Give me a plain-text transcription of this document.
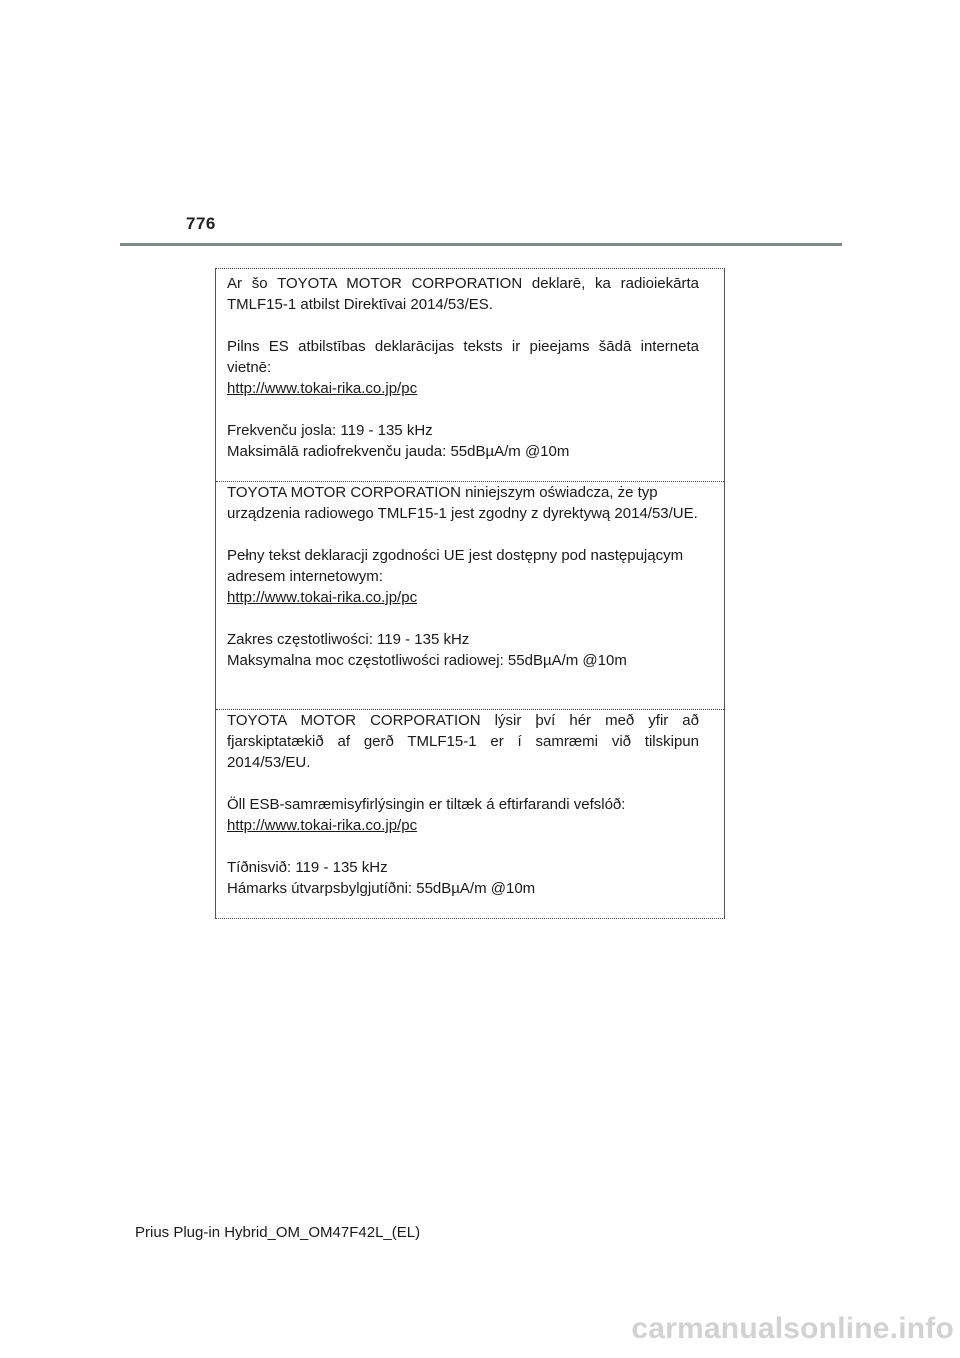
776

Ar šo TOYOTA MOTOR CORPORATION deklarē, ka radioiekārta TMLF15-1 atbilst Direktīvai 2014/53/ES.

Pilns ES atbilstības deklarācijas teksts ir pieejams šādā interneta vietnē:

http://www.tokai-rika.co.jp/pc

Frekvenču josla: 119 - 135 kHz

Maksimālā radiofrekvenču jauda: 55dBµA/m @10m

TOYOTA MOTOR CORPORATION niniejszym oświadcza, że typ urządzenia radiowego TMLF15-1 jest zgodny z dyrektywą 2014/53/UE.

Pełny tekst deklaracji zgodności UE jest dostępny pod następującym adresem internetowym:

http://www.tokai-rika.co.jp/pc

Zakres częstotliwości: 119 - 135 kHz

Maksymalna moc częstotliwości radiowej: 55dBµA/m @10m

TOYOTA MOTOR CORPORATION lýsir því hér með yfir að fjarskiptatækið af gerð TMLF15-1 er í samræmi við tilskipun 2014/53/EU.

Öll ESB-samræmisyfirlýsingin er tiltæk á eftirfarandi vefslóð:

http://www.tokai-rika.co.jp/pc

Tíðnisvið: 119 - 135 kHz

Hámarks útvarpsbylgjutíðni: 55dBµA/m @10m

Prius Plug-in Hybrid_OM_OM47F42L_(EL)
carmanualsonline.info
